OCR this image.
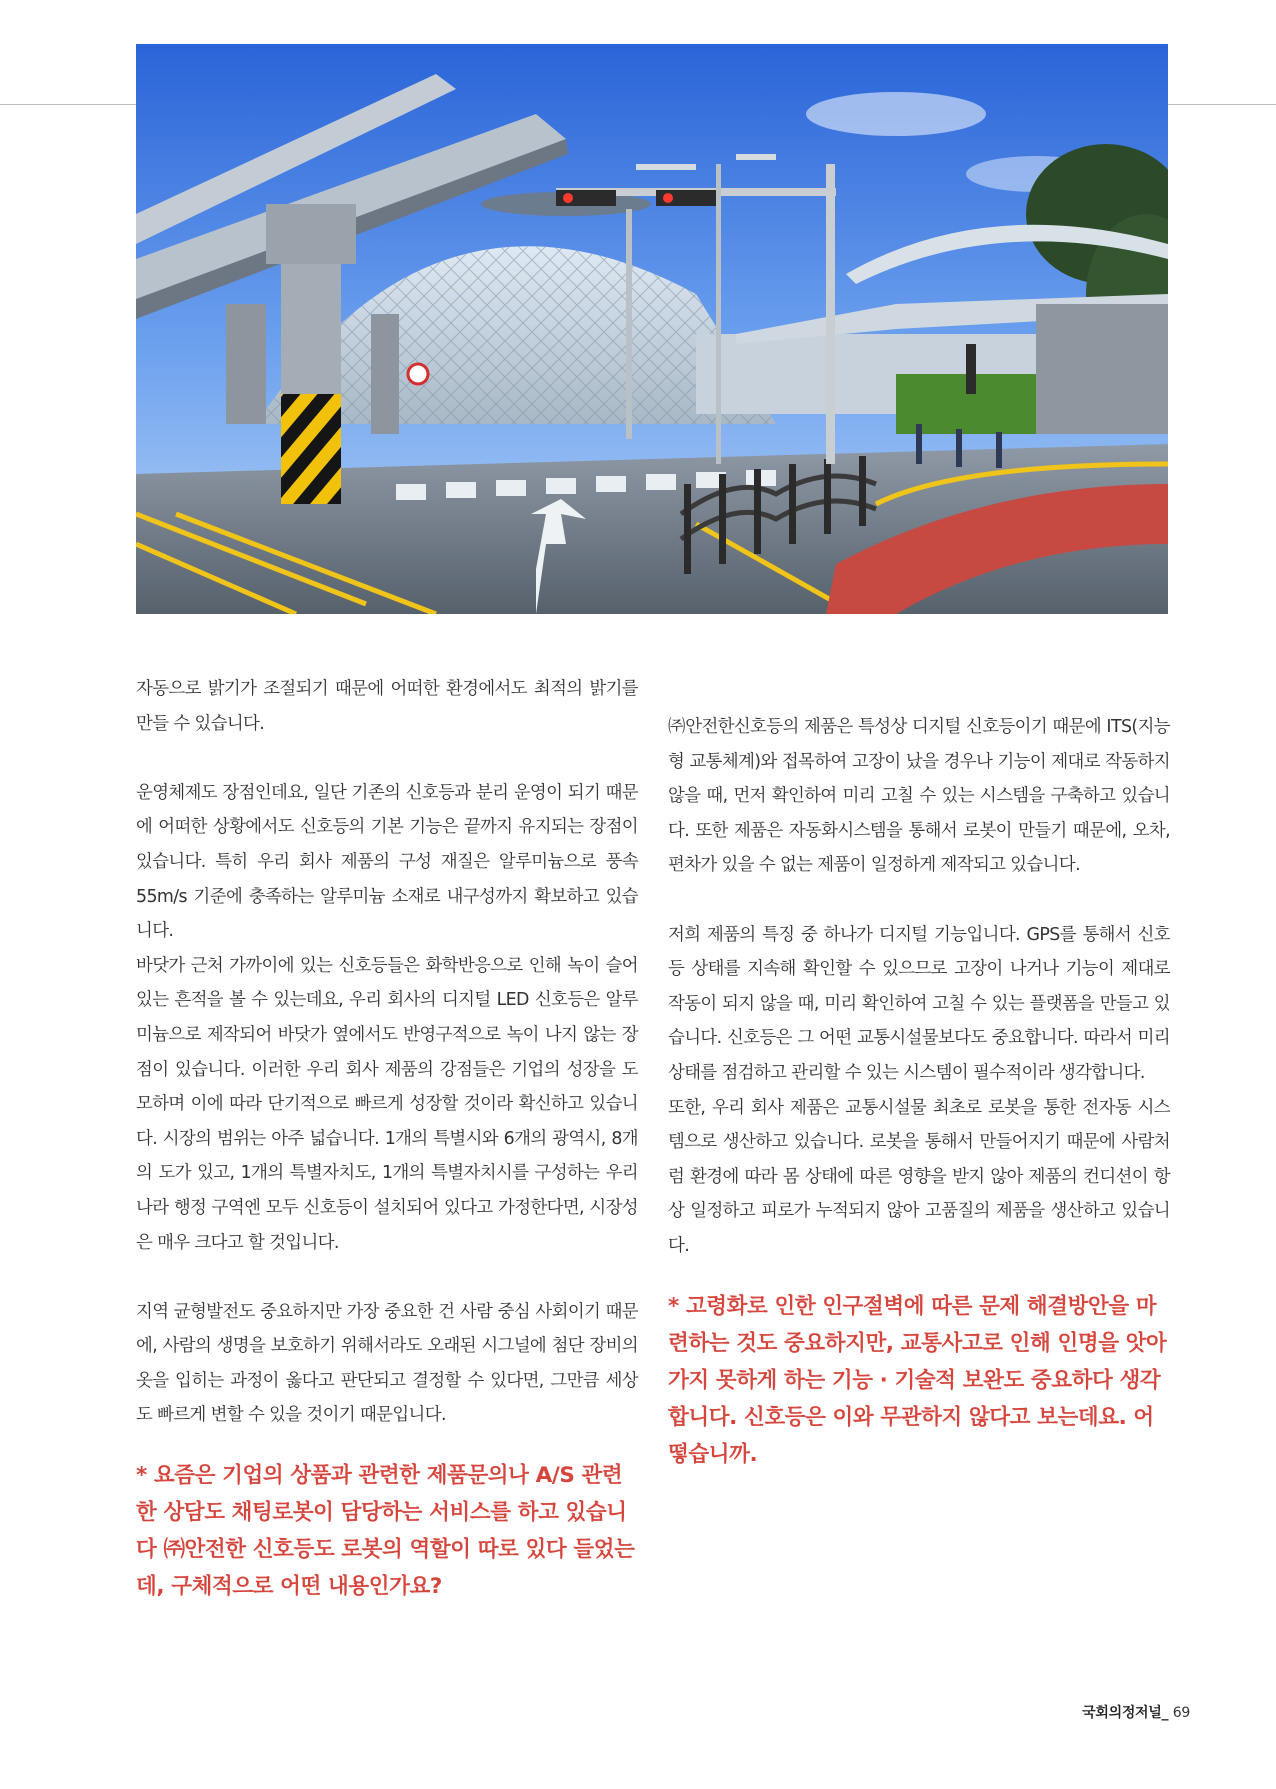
자동으로 밝기가 조절되기 때문에 어떠한 환경에서도 최적의 밝기를 만들 수 있습니다.

운영체제도 장점인데요, 일단 기존의 신호등과 분리 운영이 되기 때문에 어떠한 상황에서도 신호등의 기본 기능은 끝까지 유지되는 장점이 있습니다. 특히 우리 회사 제품의 구성 재질은 알루미늄으로 풍속 55m/s 기준에 충족하는 알루미늄 소재로 내구성까지 확보하고 있습니다.

바닷가 근처 가까이에 있는 신호등들은 화학반응으로 인해 녹이 슬어있는 흔적을 볼 수 있는데요, 우리 회사의 디지털 LED 신호등은 알루미늄으로 제작되어 바닷가 옆에서도 반영구적으로 녹이 나지 않는 장점이 있습니다. 이러한 우리 회사 제품의 강점들은 기업의 성장을 도모하며 이에 따라 단기적으로 빠르게 성장할 것이라 확신하고 있습니다. 시장의 범위는 아주 넓습니다. 1개의 특별시와 6개의 광역시, 8개의 도가 있고, 1개의 특별자치도, 1개의 특별자치시를 구성하는 우리나라 행정 구역엔 모두 신호등이 설치되어 있다고 가정한다면, 시장성은 매우 크다고 할 것입니다.

지역 균형발전도 중요하지만 가장 중요한 건 사람 중심 사회이기 때문에, 사람의 생명을 보호하기 위해서라도 오래된 시그널에 첨단 장비의 옷을 입히는 과정이 옳다고 판단되고 결정할 수 있다면, 그만큼 세상도 빠르게 변할 수 있을 것이기 때문입니다.

* 요즘은 기업의 상품과 관련한 제품문의나 A/S 관련한 상담도 채팅로봇이 담당하는 서비스를 하고 있습니다 ㈜안전한 신호등도 로봇의 역할이 따로 있다 들었는데, 구체적으로 어떤 내용인가요?

㈜안전한신호등의 제품은 특성상 디지털 신호등이기 때문에 ITS(지능형 교통체계)와 접목하여 고장이 났을 경우나 기능이 제대로 작동하지 않을 때, 먼저 확인하여 미리 고칠 수 있는 시스템을 구축하고 있습니다. 또한 제품은 자동화시스템을 통해서 로봇이 만들기 때문에, 오차, 편차가 있을 수 없는 제품이 일정하게 제작되고 있습니다.

저희 제품의 특징 중 하나가 디지털 기능입니다. GPS를 통해서 신호등 상태를 지속해 확인할 수 있으므로 고장이 나거나 기능이 제대로 작동이 되지 않을 때, 미리 확인하여 고칠 수 있는 플랫폼을 만들고 있습니다. 신호등은 그 어떤 교통시설물보다도 중요합니다. 따라서 미리 상태를 점검하고 관리할 수 있는 시스템이 필수적이라 생각합니다.

또한, 우리 회사 제품은 교통시설물 최초로 로봇을 통한 전자동 시스템으로 생산하고 있습니다. 로봇을 통해서 만들어지기 때문에 사람처럼 환경에 따라 몸 상태에 따른 영향을 받지 않아 제품의 컨디션이 항상 일정하고 피로가 누적되지 않아 고품질의 제품을 생산하고 있습니다.

* 고령화로 인한 인구절벽에 따른 문제 해결방안을 마련하는 것도 중요하지만, 교통사고로 인해 인명을 앗아가지 못하게 하는 기능 · 기술적 보완도 중요하다 생각합니다. 신호등은 이와 무관하지 않다고 보는데요. 어떻습니까.

국회의정저널_ 69
